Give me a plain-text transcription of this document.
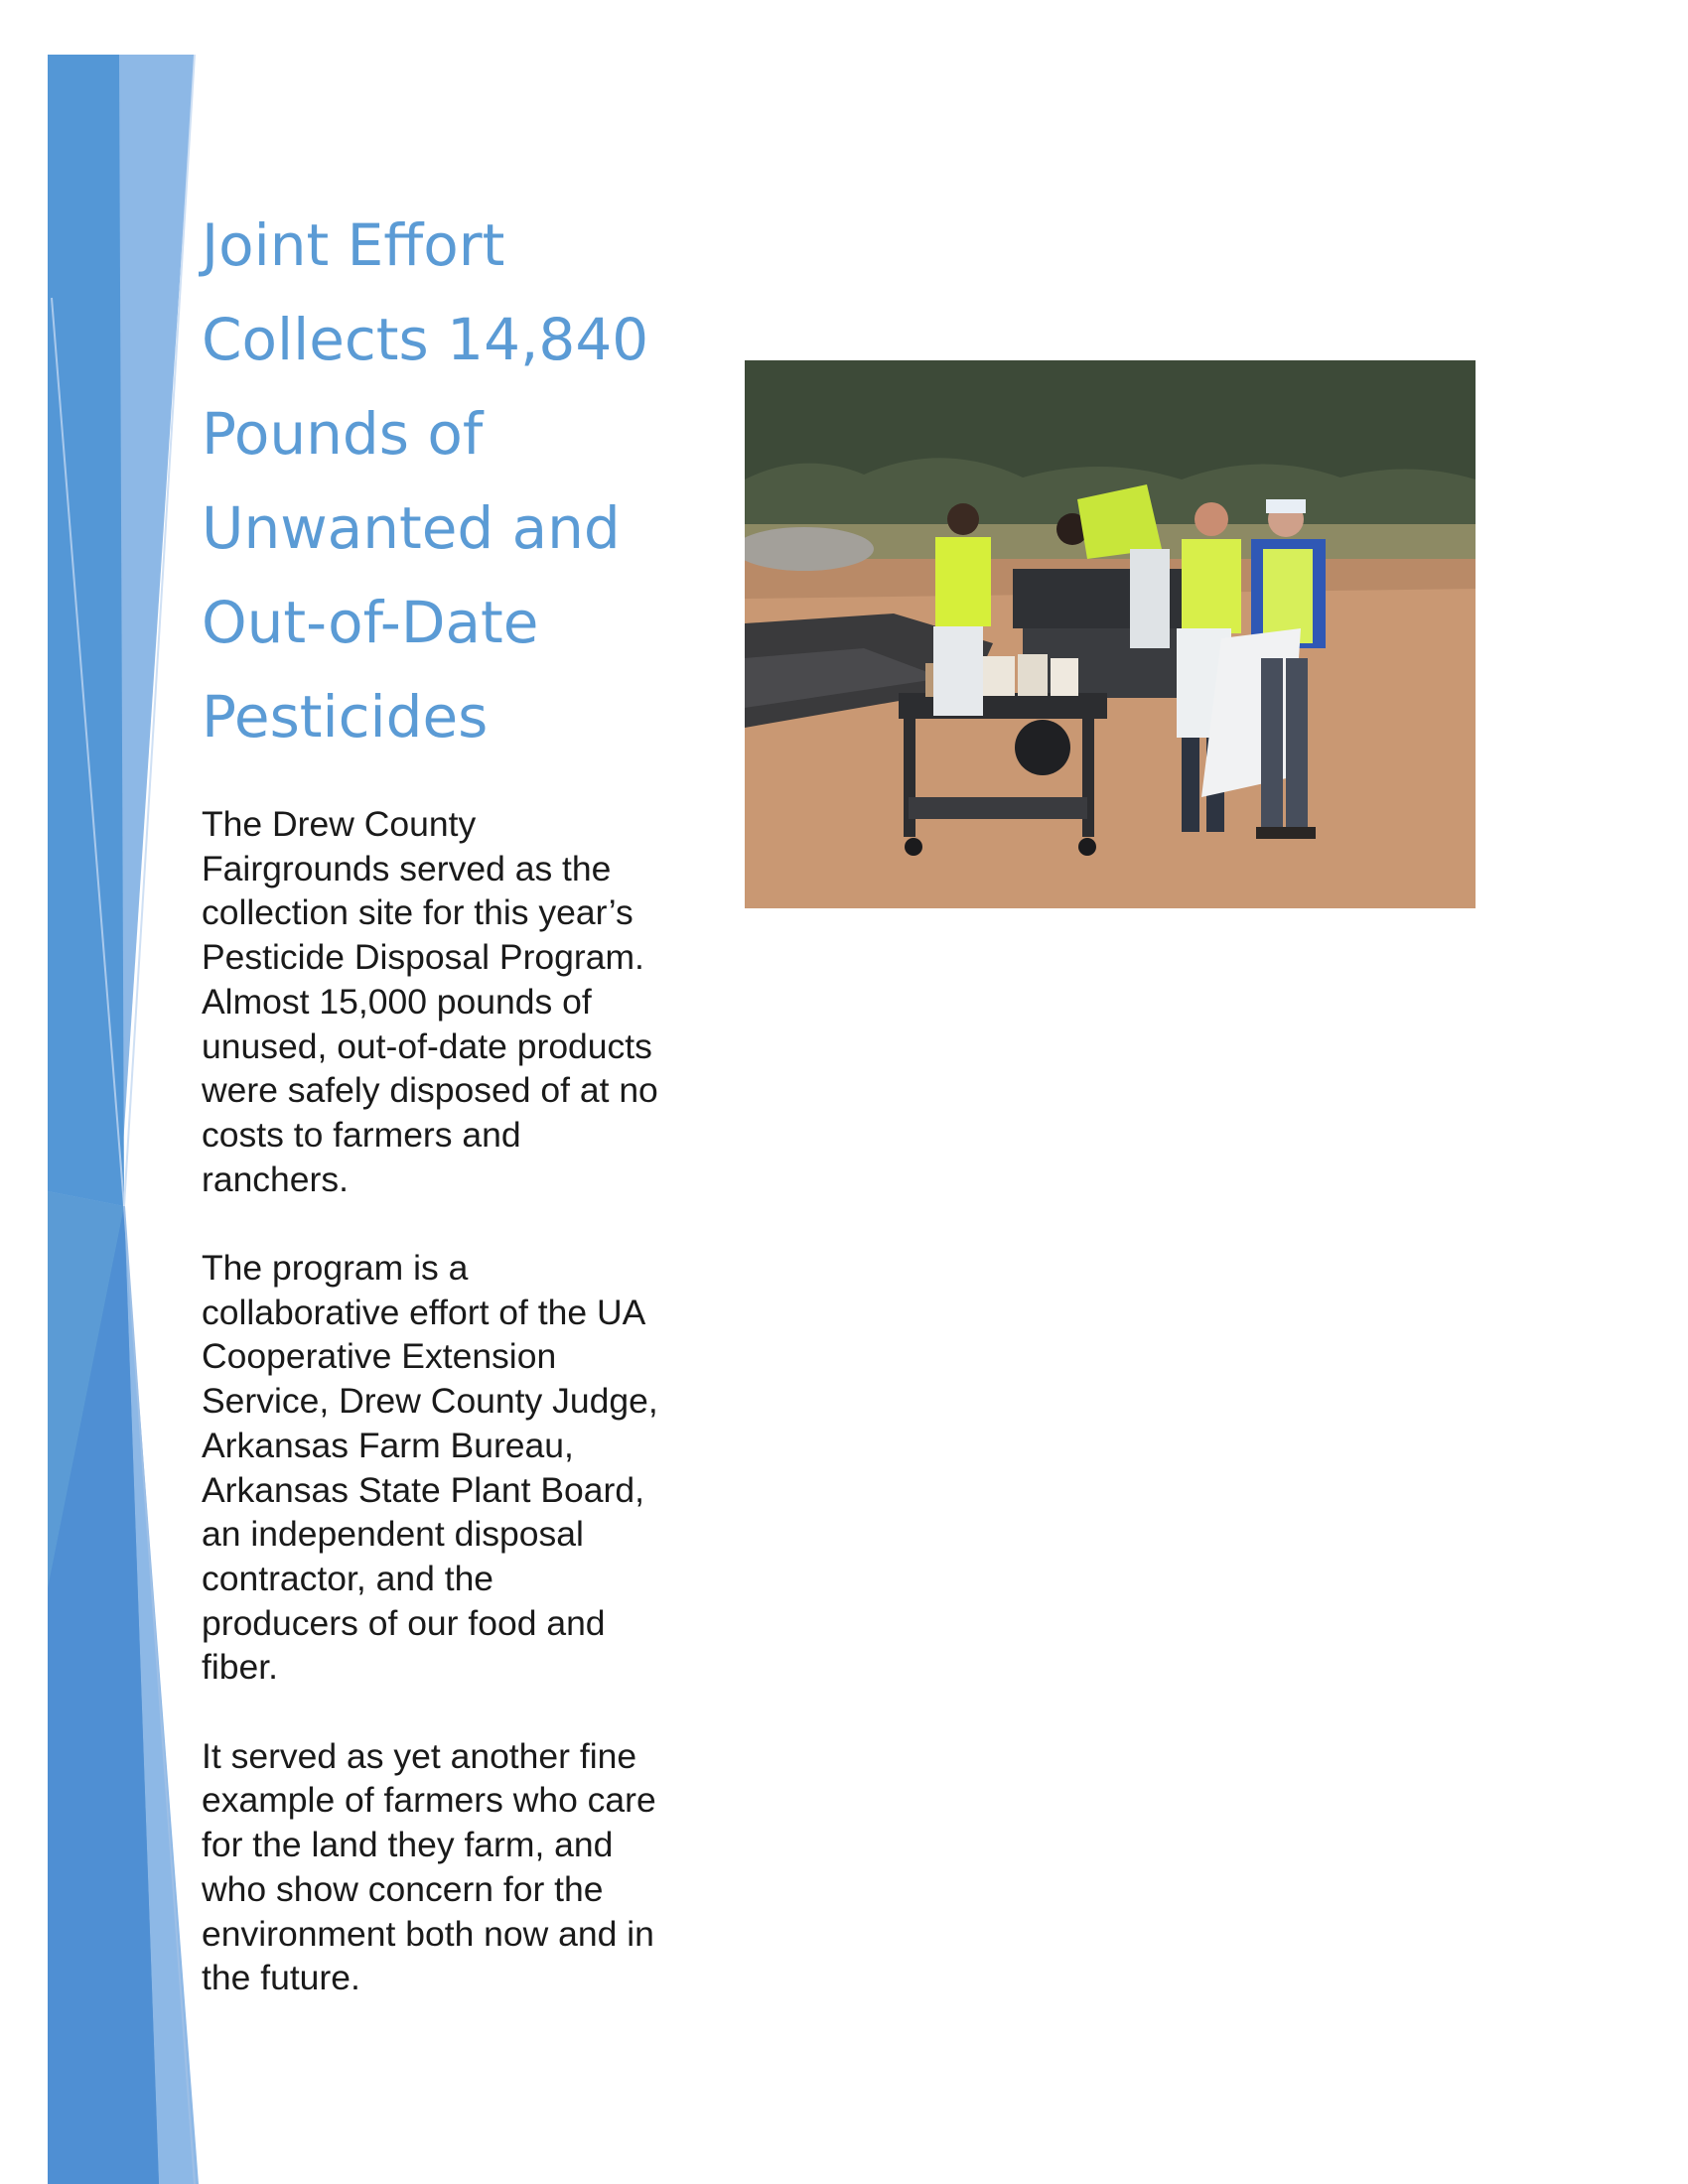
Joint Effort
Collects 14,840
Pounds of
Unwanted and
Out-of-Date
Pesticides

The Drew County Fairgrounds served as the collection site for this year’s Pesticide Disposal Program. Almost 15,000 pounds of unused, out-of-date products were safely disposed of at no costs to farmers and ranchers.

The program is a collaborative effort of the UA Cooperative Extension Service, Drew County Judge, Arkansas Farm Bureau, Arkansas State Plant Board, an independent disposal contractor, and the producers of our food and fiber.

It served as yet another fine example of farmers who care for the land they farm, and who show concern for the environment both now and in the future.
